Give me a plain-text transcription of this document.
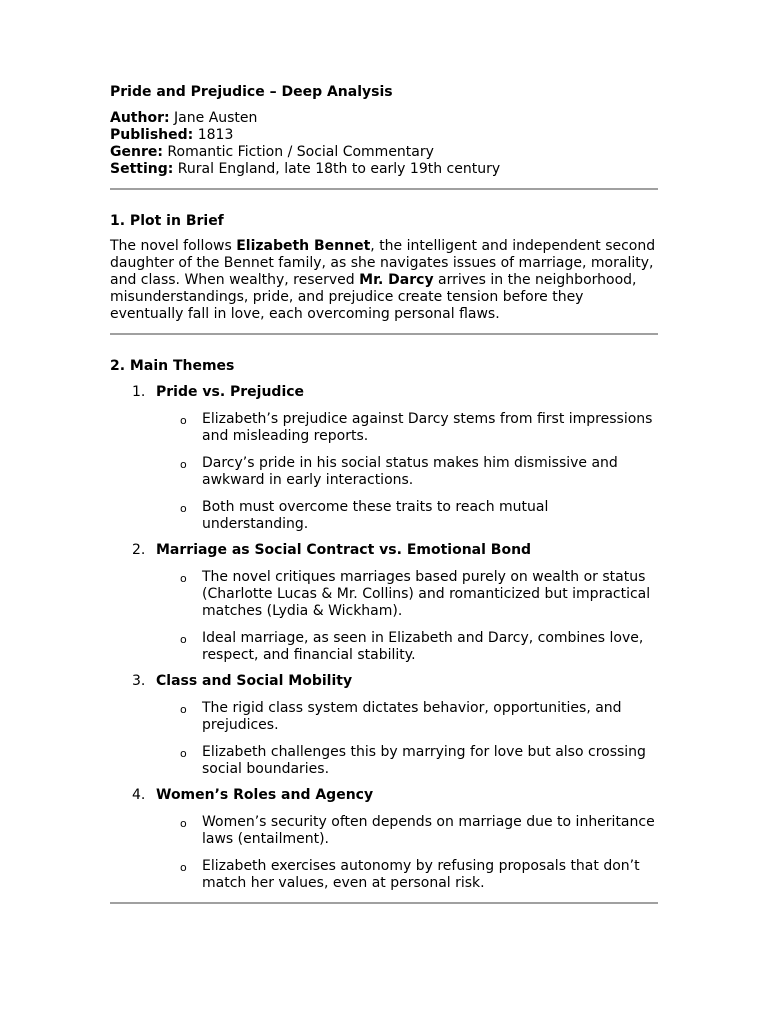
Pride and Prejudice – Deep Analysis
Author: Jane Austen
Published: 1813
Genre: Romantic Fiction / Social Commentary
Setting: Rural England, late 18th to early 19th century
1. Plot in Brief
The novel follows Elizabeth Bennet, the intelligent and independent second daughter of the Bennet family, as she navigates issues of marriage, morality, and class. When wealthy, reserved Mr. Darcy arrives in the neighborhood, misunderstandings, pride, and prejudice create tension before they eventually fall in love, each overcoming personal flaws.
2. Main Themes
1. Pride vs. Prejudice
o Elizabeth’s prejudice against Darcy stems from first impressions and misleading reports.
o Darcy’s pride in his social status makes him dismissive and awkward in early interactions.
o Both must overcome these traits to reach mutual understanding.
2. Marriage as Social Contract vs. Emotional Bond
o The novel critiques marriages based purely on wealth or status (Charlotte Lucas & Mr. Collins) and romanticized but impractical matches (Lydia & Wickham).
o Ideal marriage, as seen in Elizabeth and Darcy, combines love, respect, and financial stability.
3. Class and Social Mobility
o The rigid class system dictates behavior, opportunities, and prejudices.
o Elizabeth challenges this by marrying for love but also crossing social boundaries.
4. Women’s Roles and Agency
o Women’s security often depends on marriage due to inheritance laws (entailment).
o Elizabeth exercises autonomy by refusing proposals that don’t match her values, even at personal risk.
